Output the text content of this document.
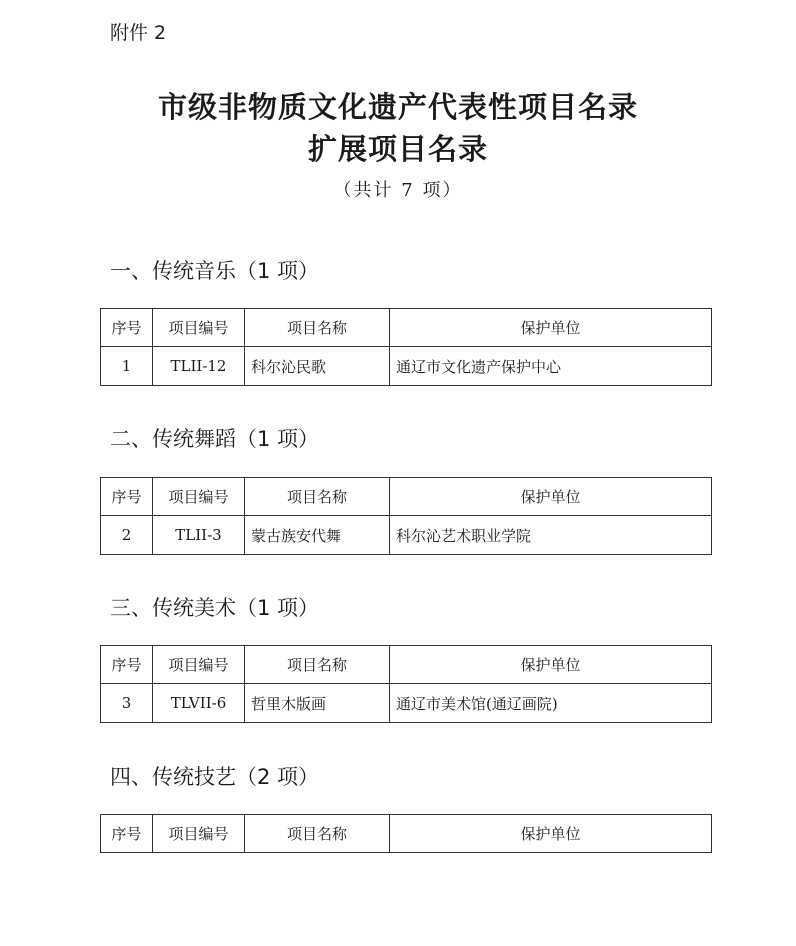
附件 2
市级非物质文化遗产代表性项目名录
扩展项目名录
（共计 7 项）
一、传统音乐（1 项）
序号	项目编号	项目名称	保护单位
1	TLII-12	科尔沁民歌	通辽市文化遗产保护中心
二、传统舞蹈（1 项）
序号	项目编号	项目名称	保护单位
2	TLII-3	蒙古族安代舞	科尔沁艺术职业学院
三、传统美术（1 项）
序号	项目编号	项目名称	保护单位
3	TLVII-6	哲里木版画	通辽市美术馆(通辽画院)
四、传统技艺（2 项）
序号	项目编号	项目名称	保护单位
